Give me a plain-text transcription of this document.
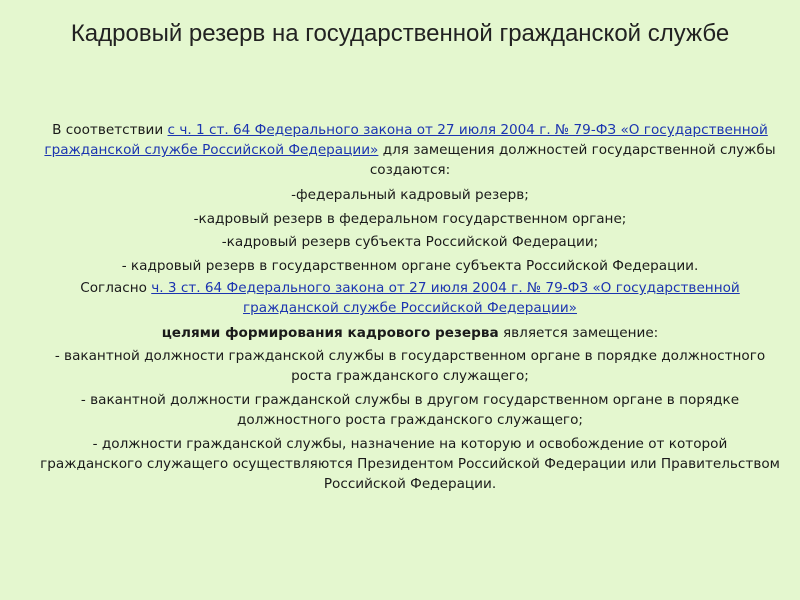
Кадровый резерв на государственной гражданской службе

В соответствии с ч. 1 ст. 64 Федерального закона от 27 июля 2004 г. № 79-ФЗ «О государственной гражданской службе Российской Федерации» для замещения должностей государственной службы создаются:

-федеральный кадровый резерв;

-кадровый резерв в федеральном государственном органе;

-кадровый резерв субъекта Российской Федерации;

- кадровый резерв в государственном органе субъекта Российской Федерации.

Согласно ч. 3 ст. 64 Федерального закона от 27 июля 2004 г. № 79-ФЗ «О государственной гражданской службе Российской Федерации»

целями формирования кадрового резерва является замещение:

- вакантной должности гражданской службы в государственном органе в порядке должностного роста гражданского служащего;

- вакантной должности гражданской службы в другом государственном органе в порядке должностного роста гражданского служащего;

- должности гражданской службы, назначение на которую и освобождение от которой гражданского служащего осуществляются Президентом Российской Федерации или Правительством Российской Федерации.
